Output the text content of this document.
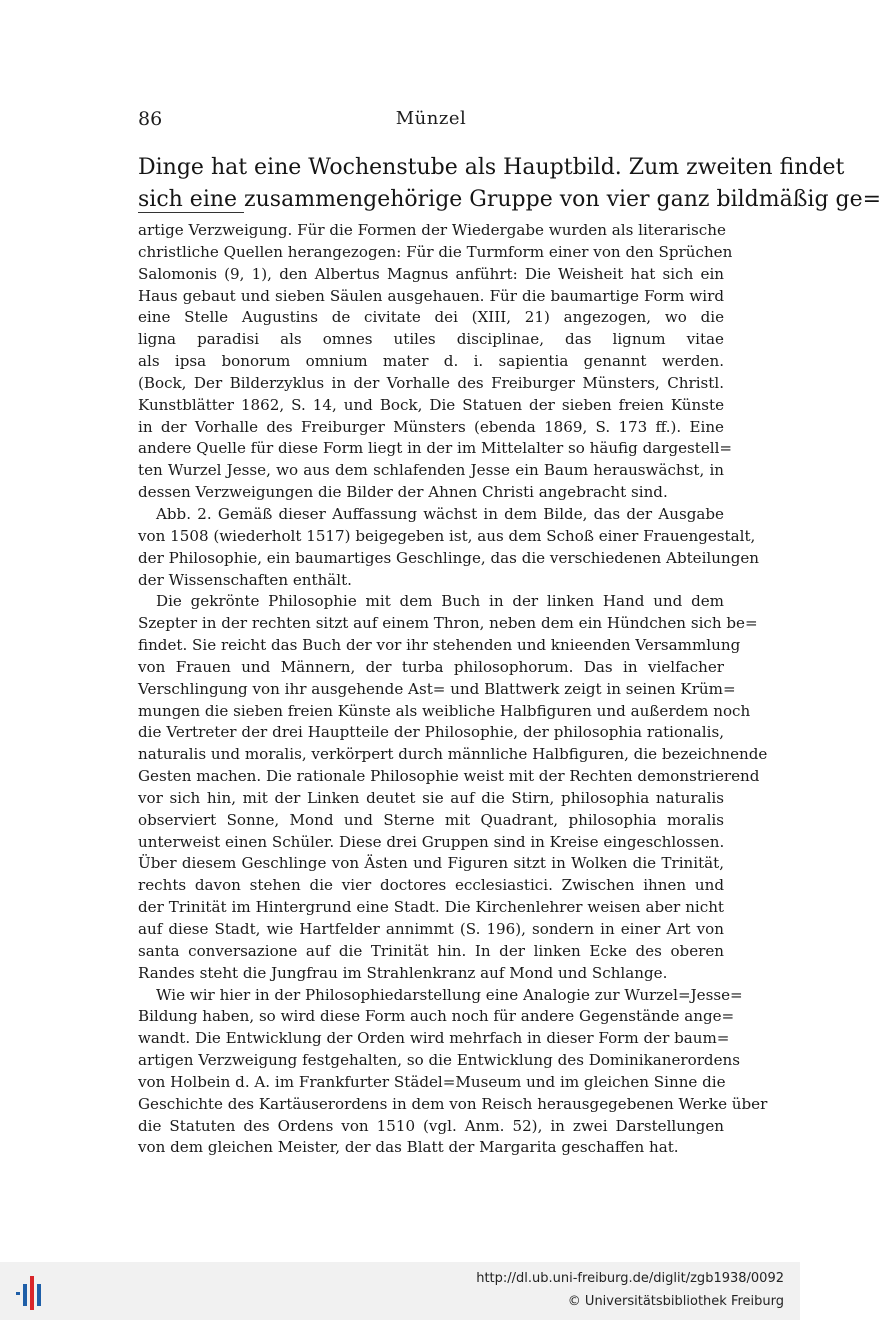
86	Münzel
Dinge hat eine Wochenstube als Hauptbild. Zum zweiten findet
sich eine zusammengehörige Gruppe von vier ganz bildmäßig ge=
artige Verzweigung. Für die Formen der Wiedergabe wurden als literarische
christliche Quellen herangezogen: Für die Turmform einer von den Sprüchen
Salomonis (9, 1), den Albertus Magnus anführt: Die Weisheit hat sich ein
Haus gebaut und sieben Säulen ausgehauen. Für die baumartige Form wird
eine Stelle Augustins de civitate dei (XIII, 21) angezogen, wo die
ligna paradisi als omnes utiles disciplinae, das lignum vitae
als ipsa bonorum omnium mater d. i. sapientia genannt werden.
(Bock, Der Bilderzyklus in der Vorhalle des Freiburger Münsters, Christl.
Kunstblätter 1862, S. 14, und Bock, Die Statuen der sieben freien Künste
in der Vorhalle des Freiburger Münsters (ebenda 1869, S. 173 ff.). Eine
andere Quelle für diese Form liegt in der im Mittelalter so häufig dargestell=
ten Wurzel Jesse, wo aus dem schlafenden Jesse ein Baum herauswächst, in
dessen Verzweigungen die Bilder der Ahnen Christi angebracht sind.
Abb. 2. Gemäß dieser Auffassung wächst in dem Bilde, das der Ausgabe
von 1508 (wiederholt 1517) beigegeben ist, aus dem Schoß einer Frauengestalt,
der Philosophie, ein baumartiges Geschlinge, das die verschiedenen Abteilungen
der Wissenschaften enthält.
Die gekrönte Philosophie mit dem Buch in der linken Hand und dem
Szepter in der rechten sitzt auf einem Thron, neben dem ein Hündchen sich be=
findet. Sie reicht das Buch der vor ihr stehenden und knieenden Versammlung
von Frauen und Männern, der turba philosophorum. Das in vielfacher
Verschlingung von ihr ausgehende Ast= und Blattwerk zeigt in seinen Krüm=
mungen die sieben freien Künste als weibliche Halbfiguren und außerdem noch
die Vertreter der drei Hauptteile der Philosophie, der philosophia rationalis,
naturalis und moralis, verkörpert durch männliche Halbfiguren, die bezeichnende
Gesten machen. Die rationale Philosophie weist mit der Rechten demonstrierend
vor sich hin, mit der Linken deutet sie auf die Stirn, philosophia naturalis
observiert Sonne, Mond und Sterne mit Quadrant, philosophia moralis
unterweist einen Schüler. Diese drei Gruppen sind in Kreise eingeschlossen.
Über diesem Geschlinge von Ästen und Figuren sitzt in Wolken die Trinität,
rechts davon stehen die vier doctores ecclesiastici. Zwischen ihnen und
der Trinität im Hintergrund eine Stadt. Die Kirchenlehrer weisen aber nicht
auf diese Stadt, wie Hartfelder annimmt (S. 196), sondern in einer Art von
santa conversazione auf die Trinität hin. In der linken Ecke des oberen
Randes steht die Jungfrau im Strahlenkranz auf Mond und Schlange.
Wie wir hier in der Philosophiedarstellung eine Analogie zur Wurzel=Jesse=
Bildung haben, so wird diese Form auch noch für andere Gegenstände ange=
wandt. Die Entwicklung der Orden wird mehrfach in dieser Form der baum=
artigen Verzweigung festgehalten, so die Entwicklung des Dominikanerordens
von Holbein d. A. im Frankfurter Städel=Museum und im gleichen Sinne die
Geschichte des Kartäuserordens in dem von Reisch herausgegebenen Werke über
die Statuten des Ordens von 1510 (vgl. Anm. 52), in zwei Darstellungen
von dem gleichen Meister, der das Blatt der Margarita geschaffen hat.
http://dl.ub.uni-freiburg.de/diglit/zgb1938/0092
© Universitätsbibliothek Freiburg
